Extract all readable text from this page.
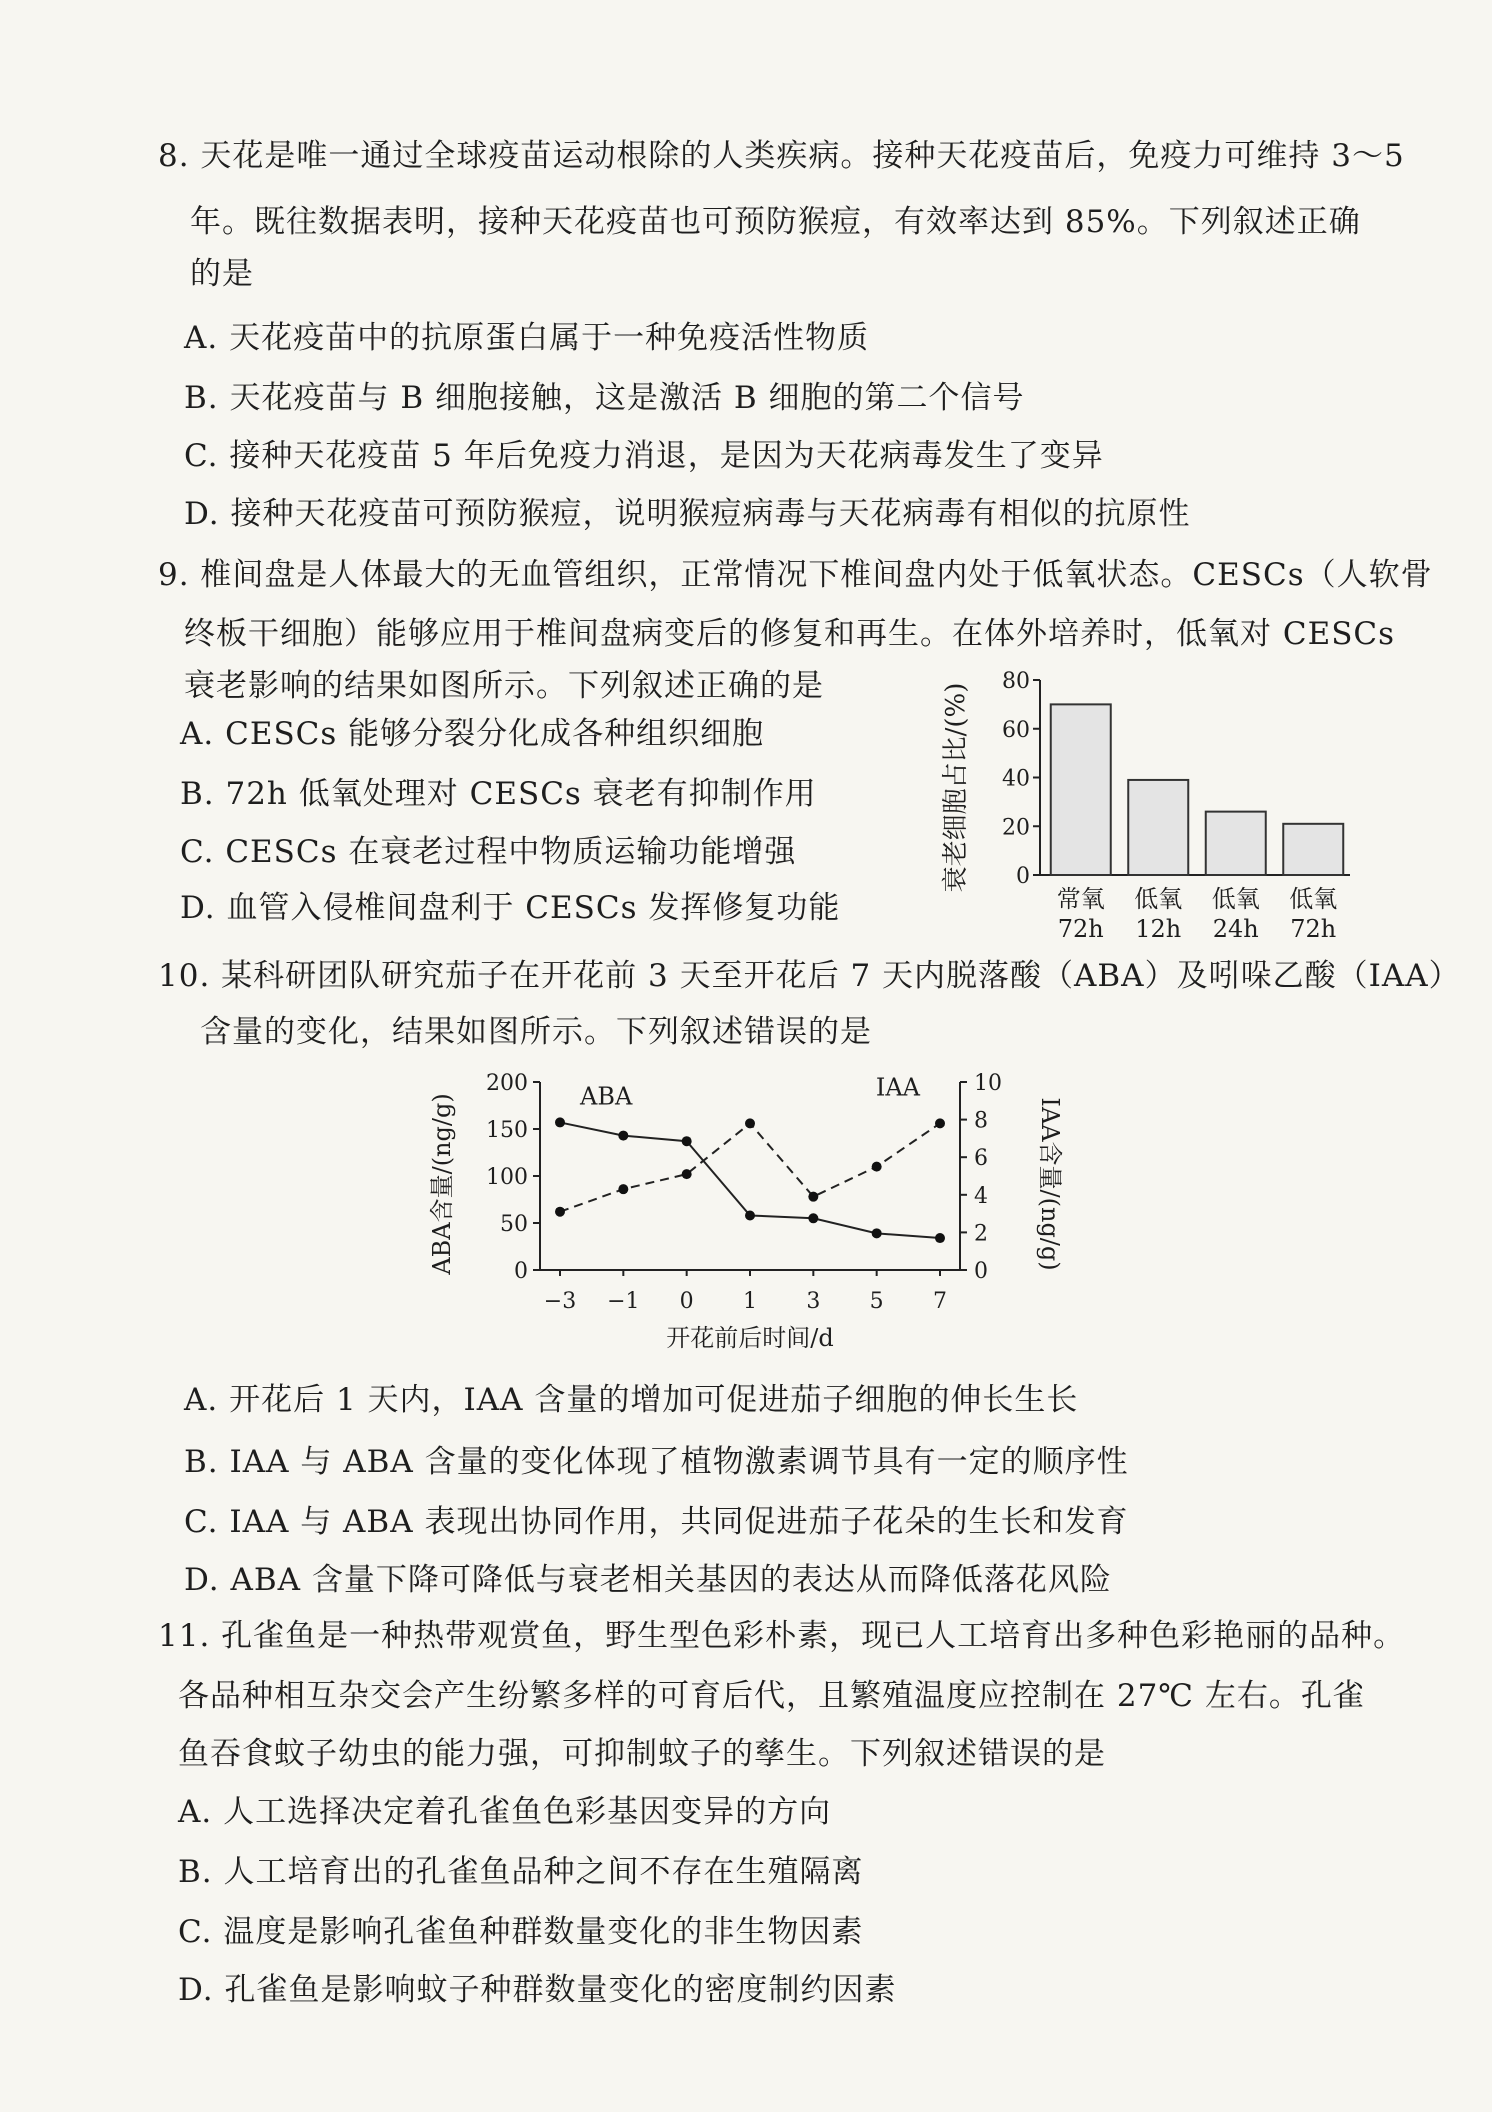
8. 天花是唯一通过全球疫苗运动根除的人类疾病。接种天花疫苗后，免疫力可维持 3～5
年。既往数据表明，接种天花疫苗也可预防猴痘，有效率达到 85%。下列叙述正确
的是
A. 天花疫苗中的抗原蛋白属于一种免疫活性物质
B. 天花疫苗与 B 细胞接触，这是激活 B 细胞的第二个信号
C. 接种天花疫苗 5 年后免疫力消退，是因为天花病毒发生了变异
D. 接种天花疫苗可预防猴痘，说明猴痘病毒与天花病毒有相似的抗原性
9. 椎间盘是人体最大的无血管组织，正常情况下椎间盘内处于低氧状态。CESCs（人软骨
终板干细胞）能够应用于椎间盘病变后的修复和再生。在体外培养时，低氧对 CESCs
衰老影响的结果如图所示。下列叙述正确的是
A. CESCs 能够分裂分化成各种组织细胞
B. 72h 低氧处理对 CESCs 衰老有抑制作用
C. CESCs 在衰老过程中物质运输功能增强
D. 血管入侵椎间盘利于 CESCs 发挥修复功能
衰老细胞占比/(%) 0
20
40
60
80
常氧
72h
低氧
12h
低氧
24h
低氧
72h
10. 某科研团队研究茄子在开花前 3 天至开花后 7 天内脱落酸（ABA）及吲哚乙酸（IAA）
含量的变化，结果如图所示。下列叙述错误的是
ABA含量/(ng/g)	IAA含量/(ng/g)
开花前后时间/d
0
50
100
150
200
0
2
4
6
8
10
−3 −1 0 1 3 5 7
ABA	IAA
A. 开花后 1 天内，IAA 含量的增加可促进茄子细胞的伸长生长
B. IAA 与 ABA 含量的变化体现了植物激素调节具有一定的顺序性
C. IAA 与 ABA 表现出协同作用，共同促进茄子花朵的生长和发育
D. ABA 含量下降可降低与衰老相关基因的表达从而降低落花风险
11. 孔雀鱼是一种热带观赏鱼，野生型色彩朴素，现已人工培育出多种色彩艳丽的品种。
各品种相互杂交会产生纷繁多样的可育后代，且繁殖温度应控制在 27℃ 左右。孔雀
鱼吞食蚊子幼虫的能力强，可抑制蚊子的孳生。下列叙述错误的是
A. 人工选择决定着孔雀鱼色彩基因变异的方向
B. 人工培育出的孔雀鱼品种之间不存在生殖隔离
C. 温度是影响孔雀鱼种群数量变化的非生物因素
D. 孔雀鱼是影响蚊子种群数量变化的密度制约因素
